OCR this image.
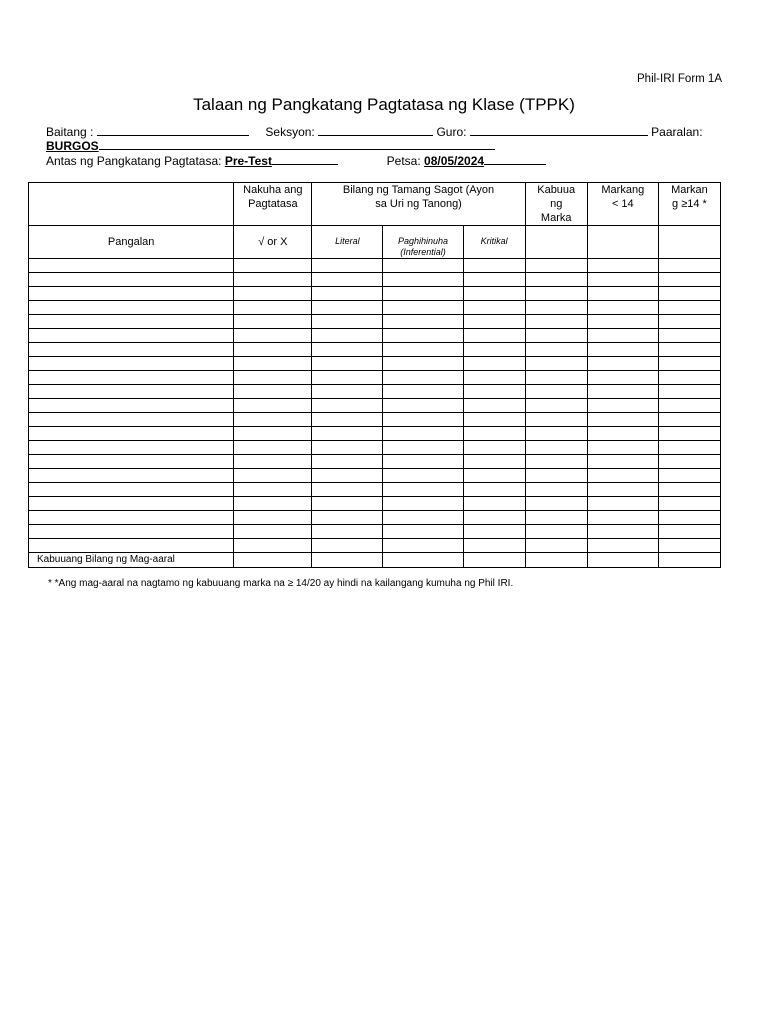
Phil-IRI Form 1A
Talaan ng Pangkatang Pagtatasa ng Klase (TPPK)
Baitang :	Seksyon:	Guro:	Paaralan:
BURGOS
Antas ng Pangkatang Pagtatasa: Pre-Test	Petsa: 08/05/2024
	Nakuha ang Pagtatasa	Bilang ng Tamang Sagot (Ayon sa Uri ng Tanong)			Kabuua ng Marka	Markang < 14	Markan g ≥14 *
Pangalan	√ or X	Literal	Paghihinuha (Inferential)	Kritikal			

Kabuuang Bilang ng Mag-aaral							
* *Ang mag-aaral na nagtamo ng kabuuang marka na ≥ 14/20 ay hindi na kailangang kumuha ng Phil IRI.
